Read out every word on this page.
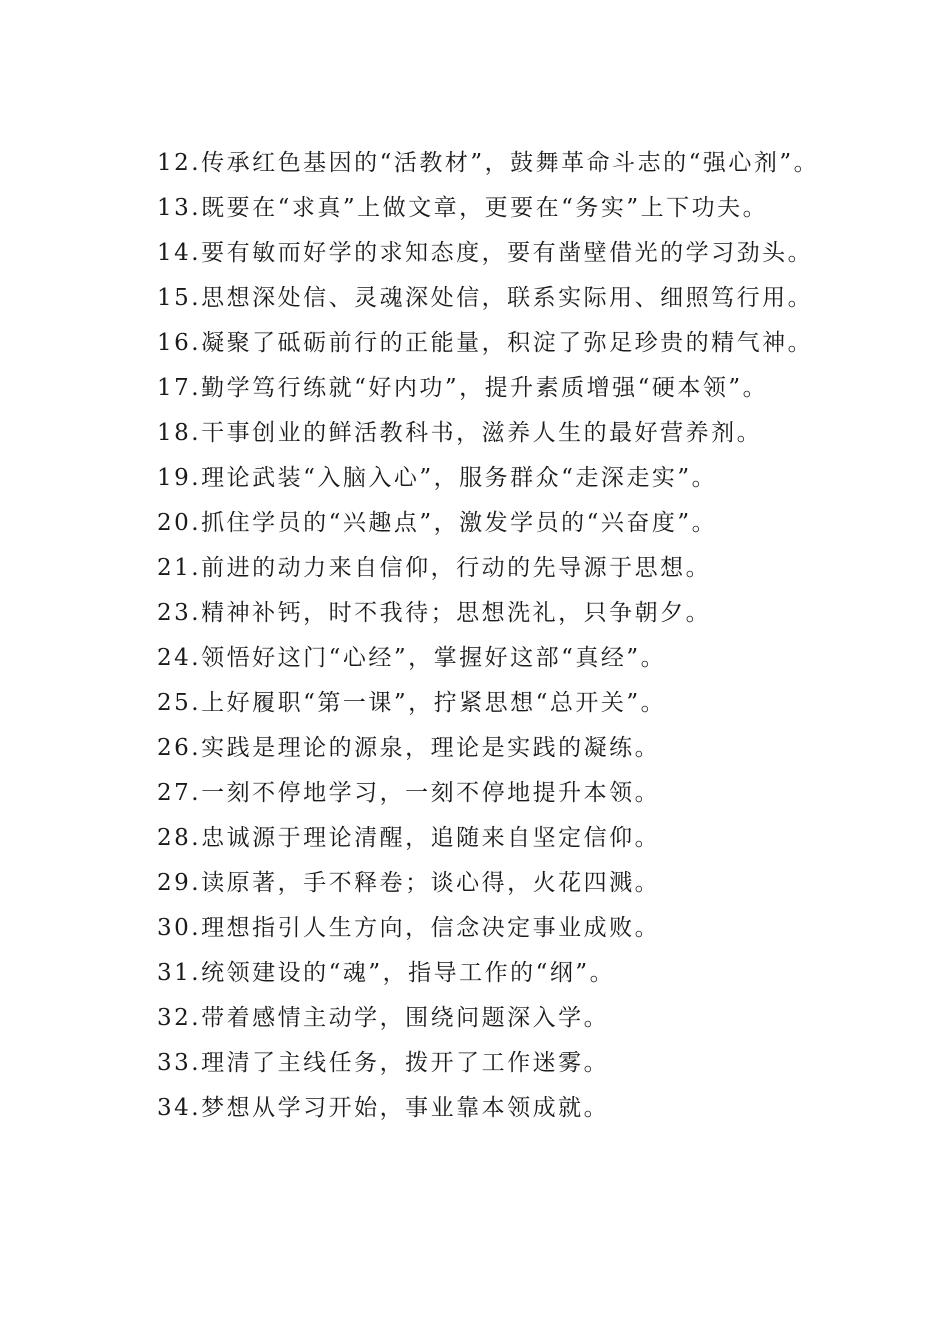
12.传承红色基因的“活教材”，鼓舞革命斗志的“强心剂”。

13.既要在“求真”上做文章，更要在“务实”上下功夫。

14.要有敏而好学的求知态度，要有凿壁借光的学习劲头。

15.思想深处信、灵魂深处信，联系实际用、细照笃行用。

16.凝聚了砥砺前行的正能量，积淀了弥足珍贵的精气神。

17.勤学笃行练就“好内功”，提升素质增强“硬本领”。

18.干事创业的鲜活教科书，滋养人生的最好营养剂。

19.理论武装“入脑入心”，服务群众“走深走实”。

20.抓住学员的“兴趣点”，激发学员的“兴奋度”。

21.前进的动力来自信仰，行动的先导源于思想。

23.精神补钙，时不我待；思想洗礼，只争朝夕。

24.领悟好这门“心经”，掌握好这部“真经”。

25.上好履职“第一课”，拧紧思想“总开关”。

26.实践是理论的源泉，理论是实践的凝练。

27.一刻不停地学习，一刻不停地提升本领。

28.忠诚源于理论清醒，追随来自坚定信仰。

29.读原著，手不释卷；谈心得，火花四溅。

30.理想指引人生方向，信念决定事业成败。

31.统领建设的“魂”，指导工作的“纲”。

32.带着感情主动学，围绕问题深入学。

33.理清了主线任务，拨开了工作迷雾。

34.梦想从学习开始，事业靠本领成就。
